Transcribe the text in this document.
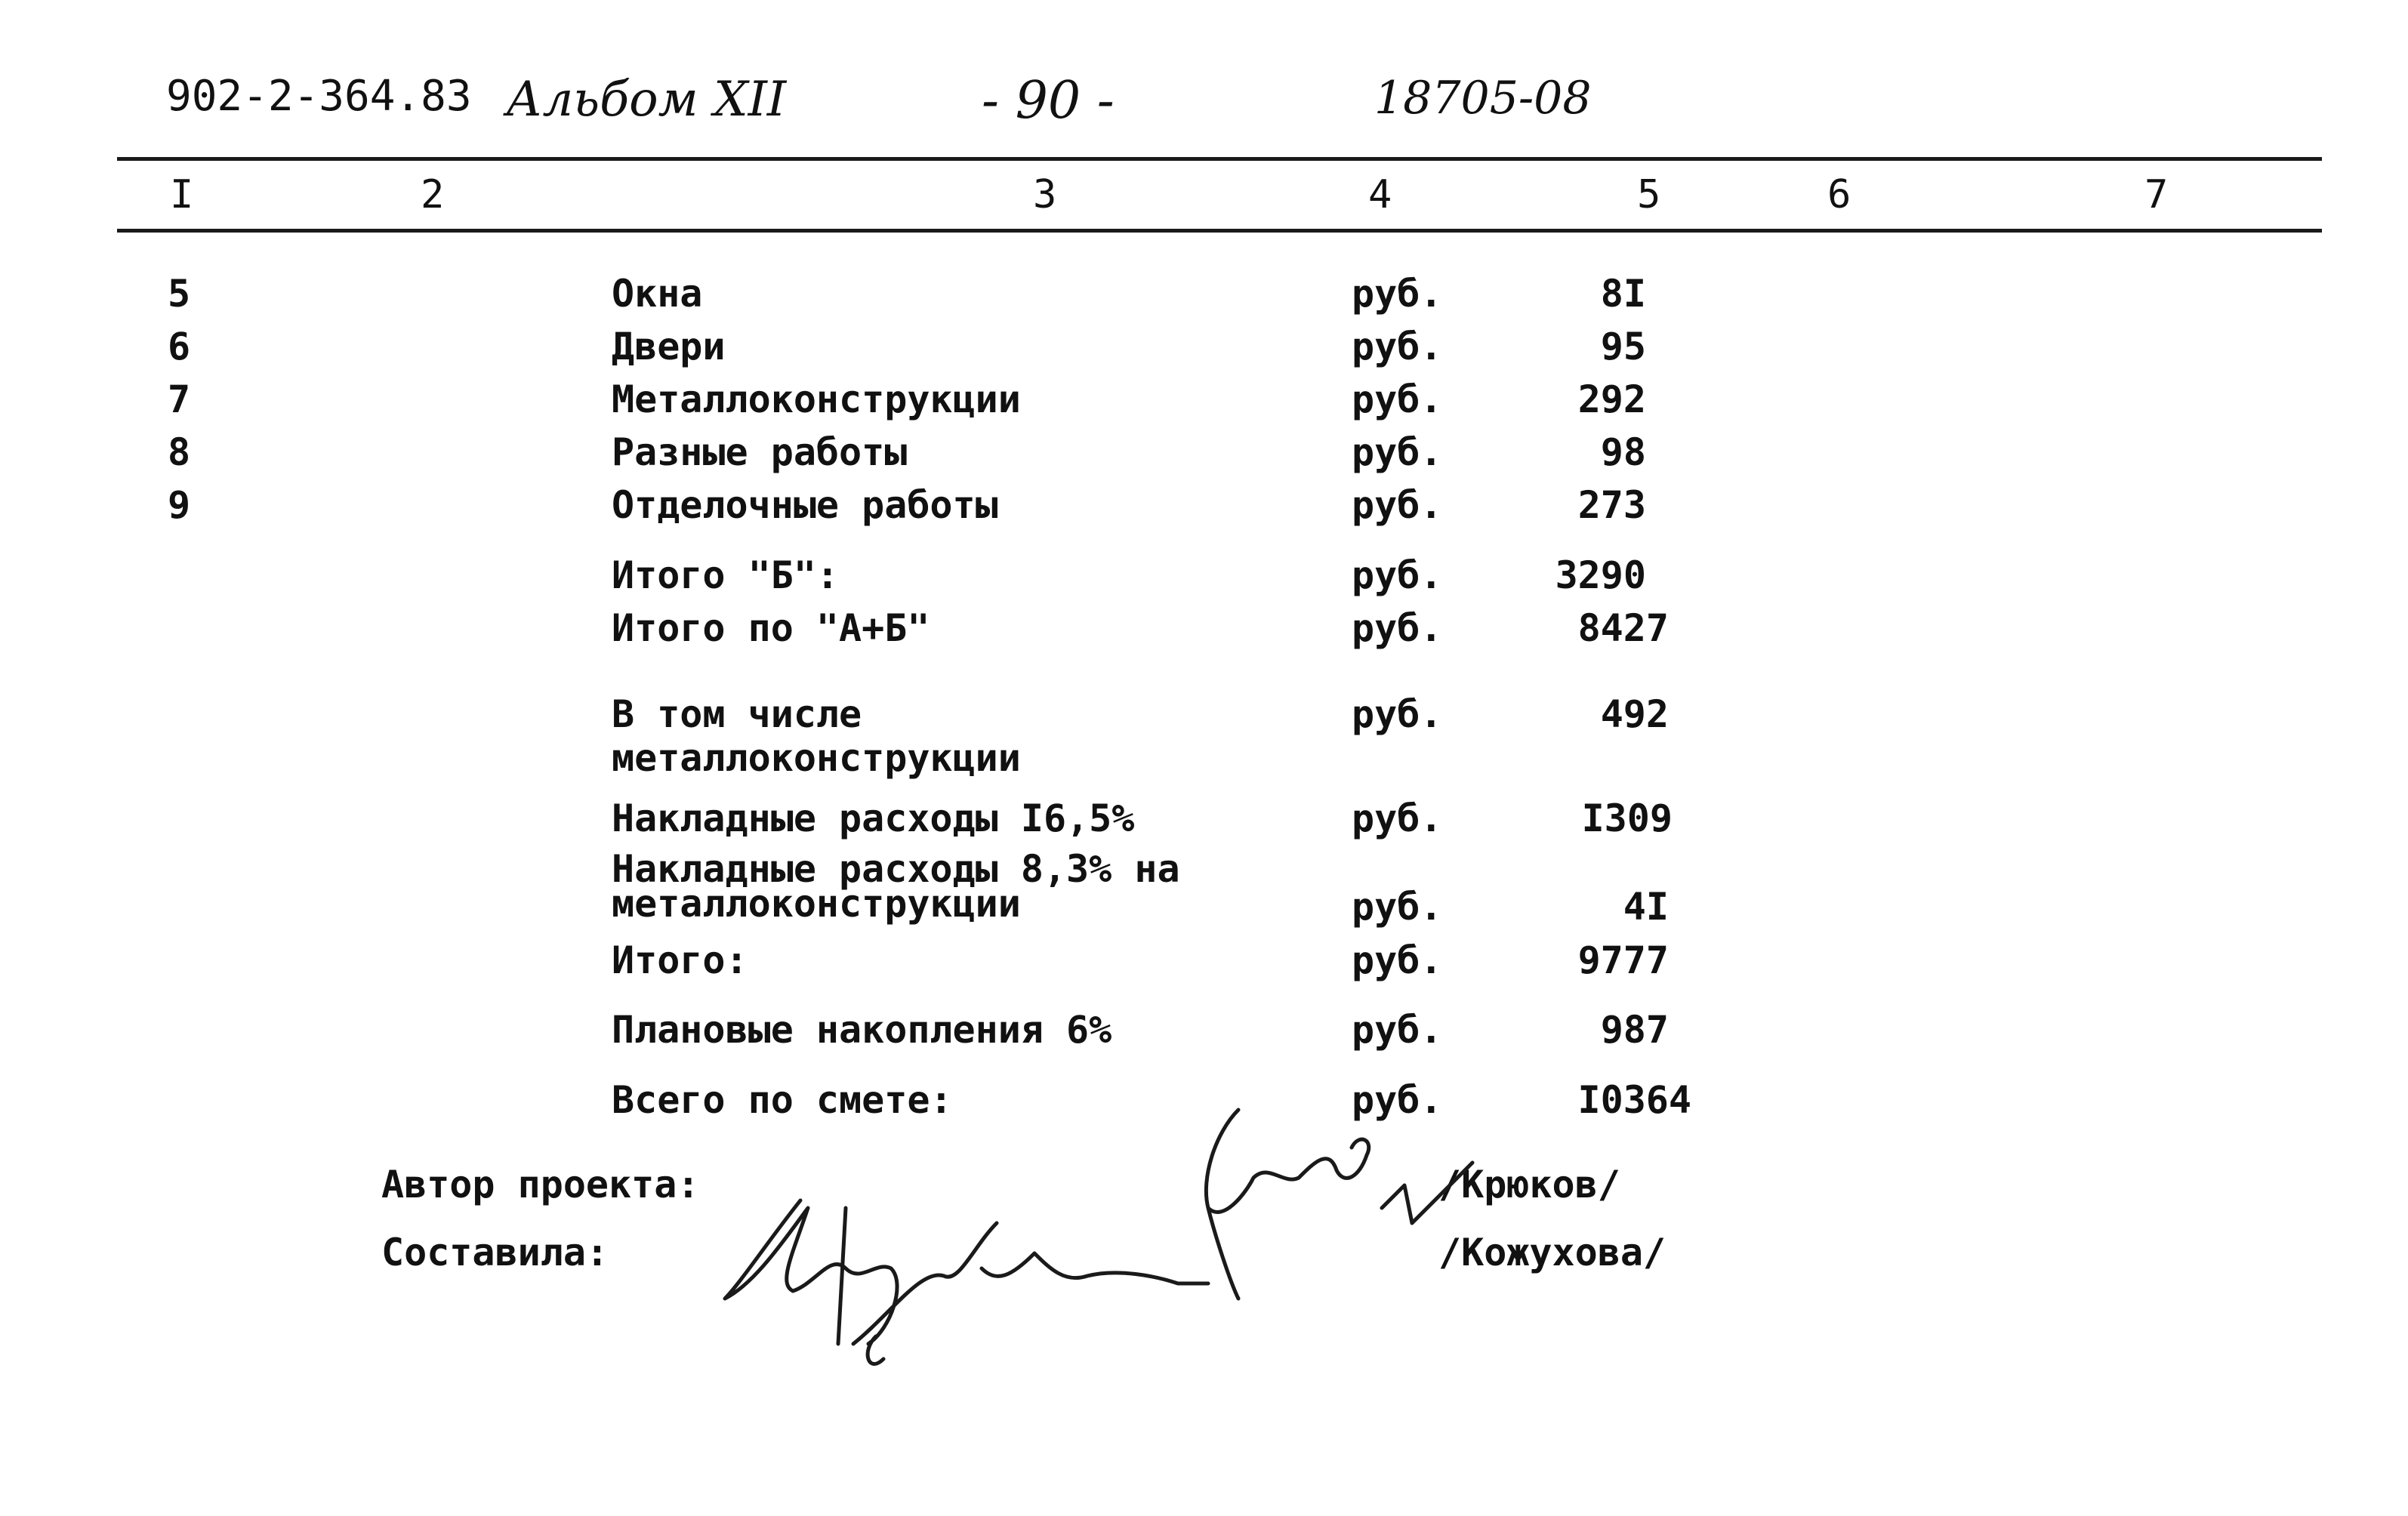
902-2-364.83 Альбом XII	- 90 -	18705-08
I	2	3	4	5	6	7
5	Окна	руб.	8I
6	Двери	руб.	95
7	Металлоконструкции	руб.	292
8	Разные работы	руб.	98
9	Отделочные работы	руб.	273
Итого "Б":	руб.	3290
Итого по "А+Б"	руб.	8427
В том числе металлоконструкции
руб.	492
Накладные расходы I6,5%	руб.	I309
Накладные расходы 8,3% на
металлоконструкции	руб.	4I
Итого:	руб.	9777
Плановые накопления 6%	руб.	987
Всего по смете:	руб.	I0364
Автор проекта:	/Крюков/
Составила:	/Кожухова/
